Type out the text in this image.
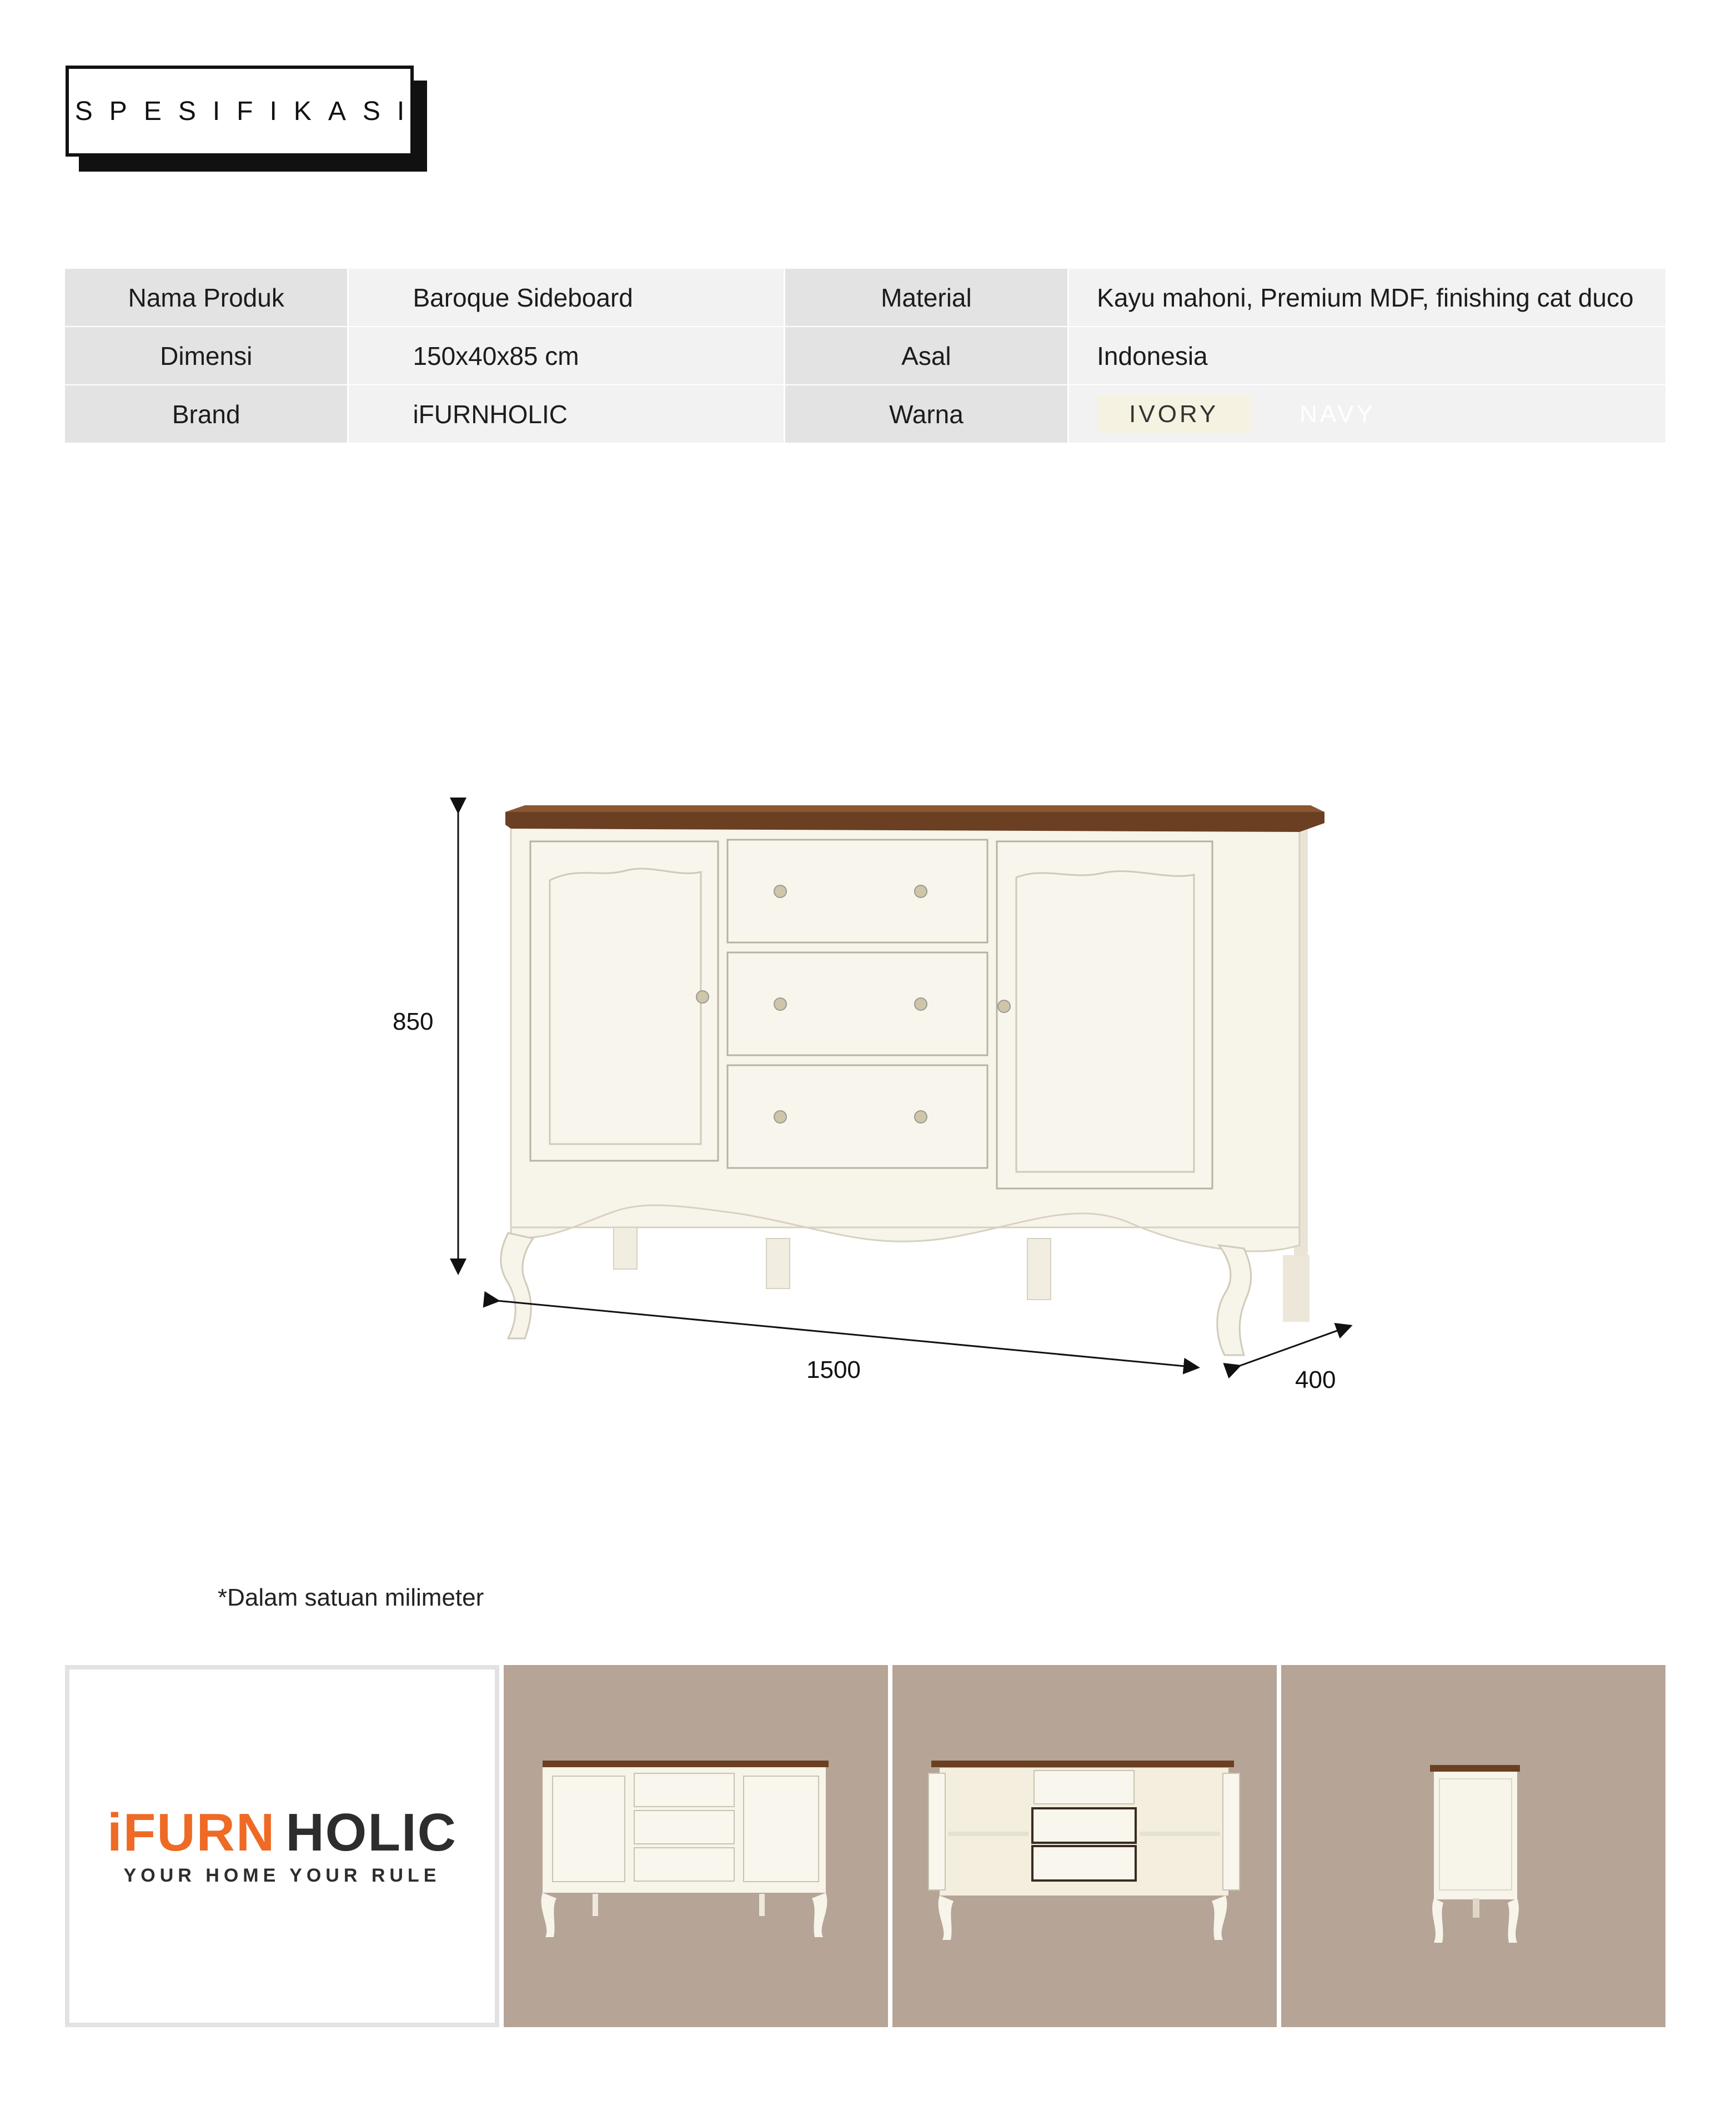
SPESIFIKASI
Nama Produk	Baroque Sideboard	Material	Kayu mahoni, Premium MDF, finishing cat duco
Dimensi	150x40x85 cm	Asal	Indonesia
Brand	iFURNHOLIC	Warna	IVORY	NAVY
850
1500	400
*Dalam satuan milimeter
iFURN HOLIC
YOUR HOME YOUR RULE
